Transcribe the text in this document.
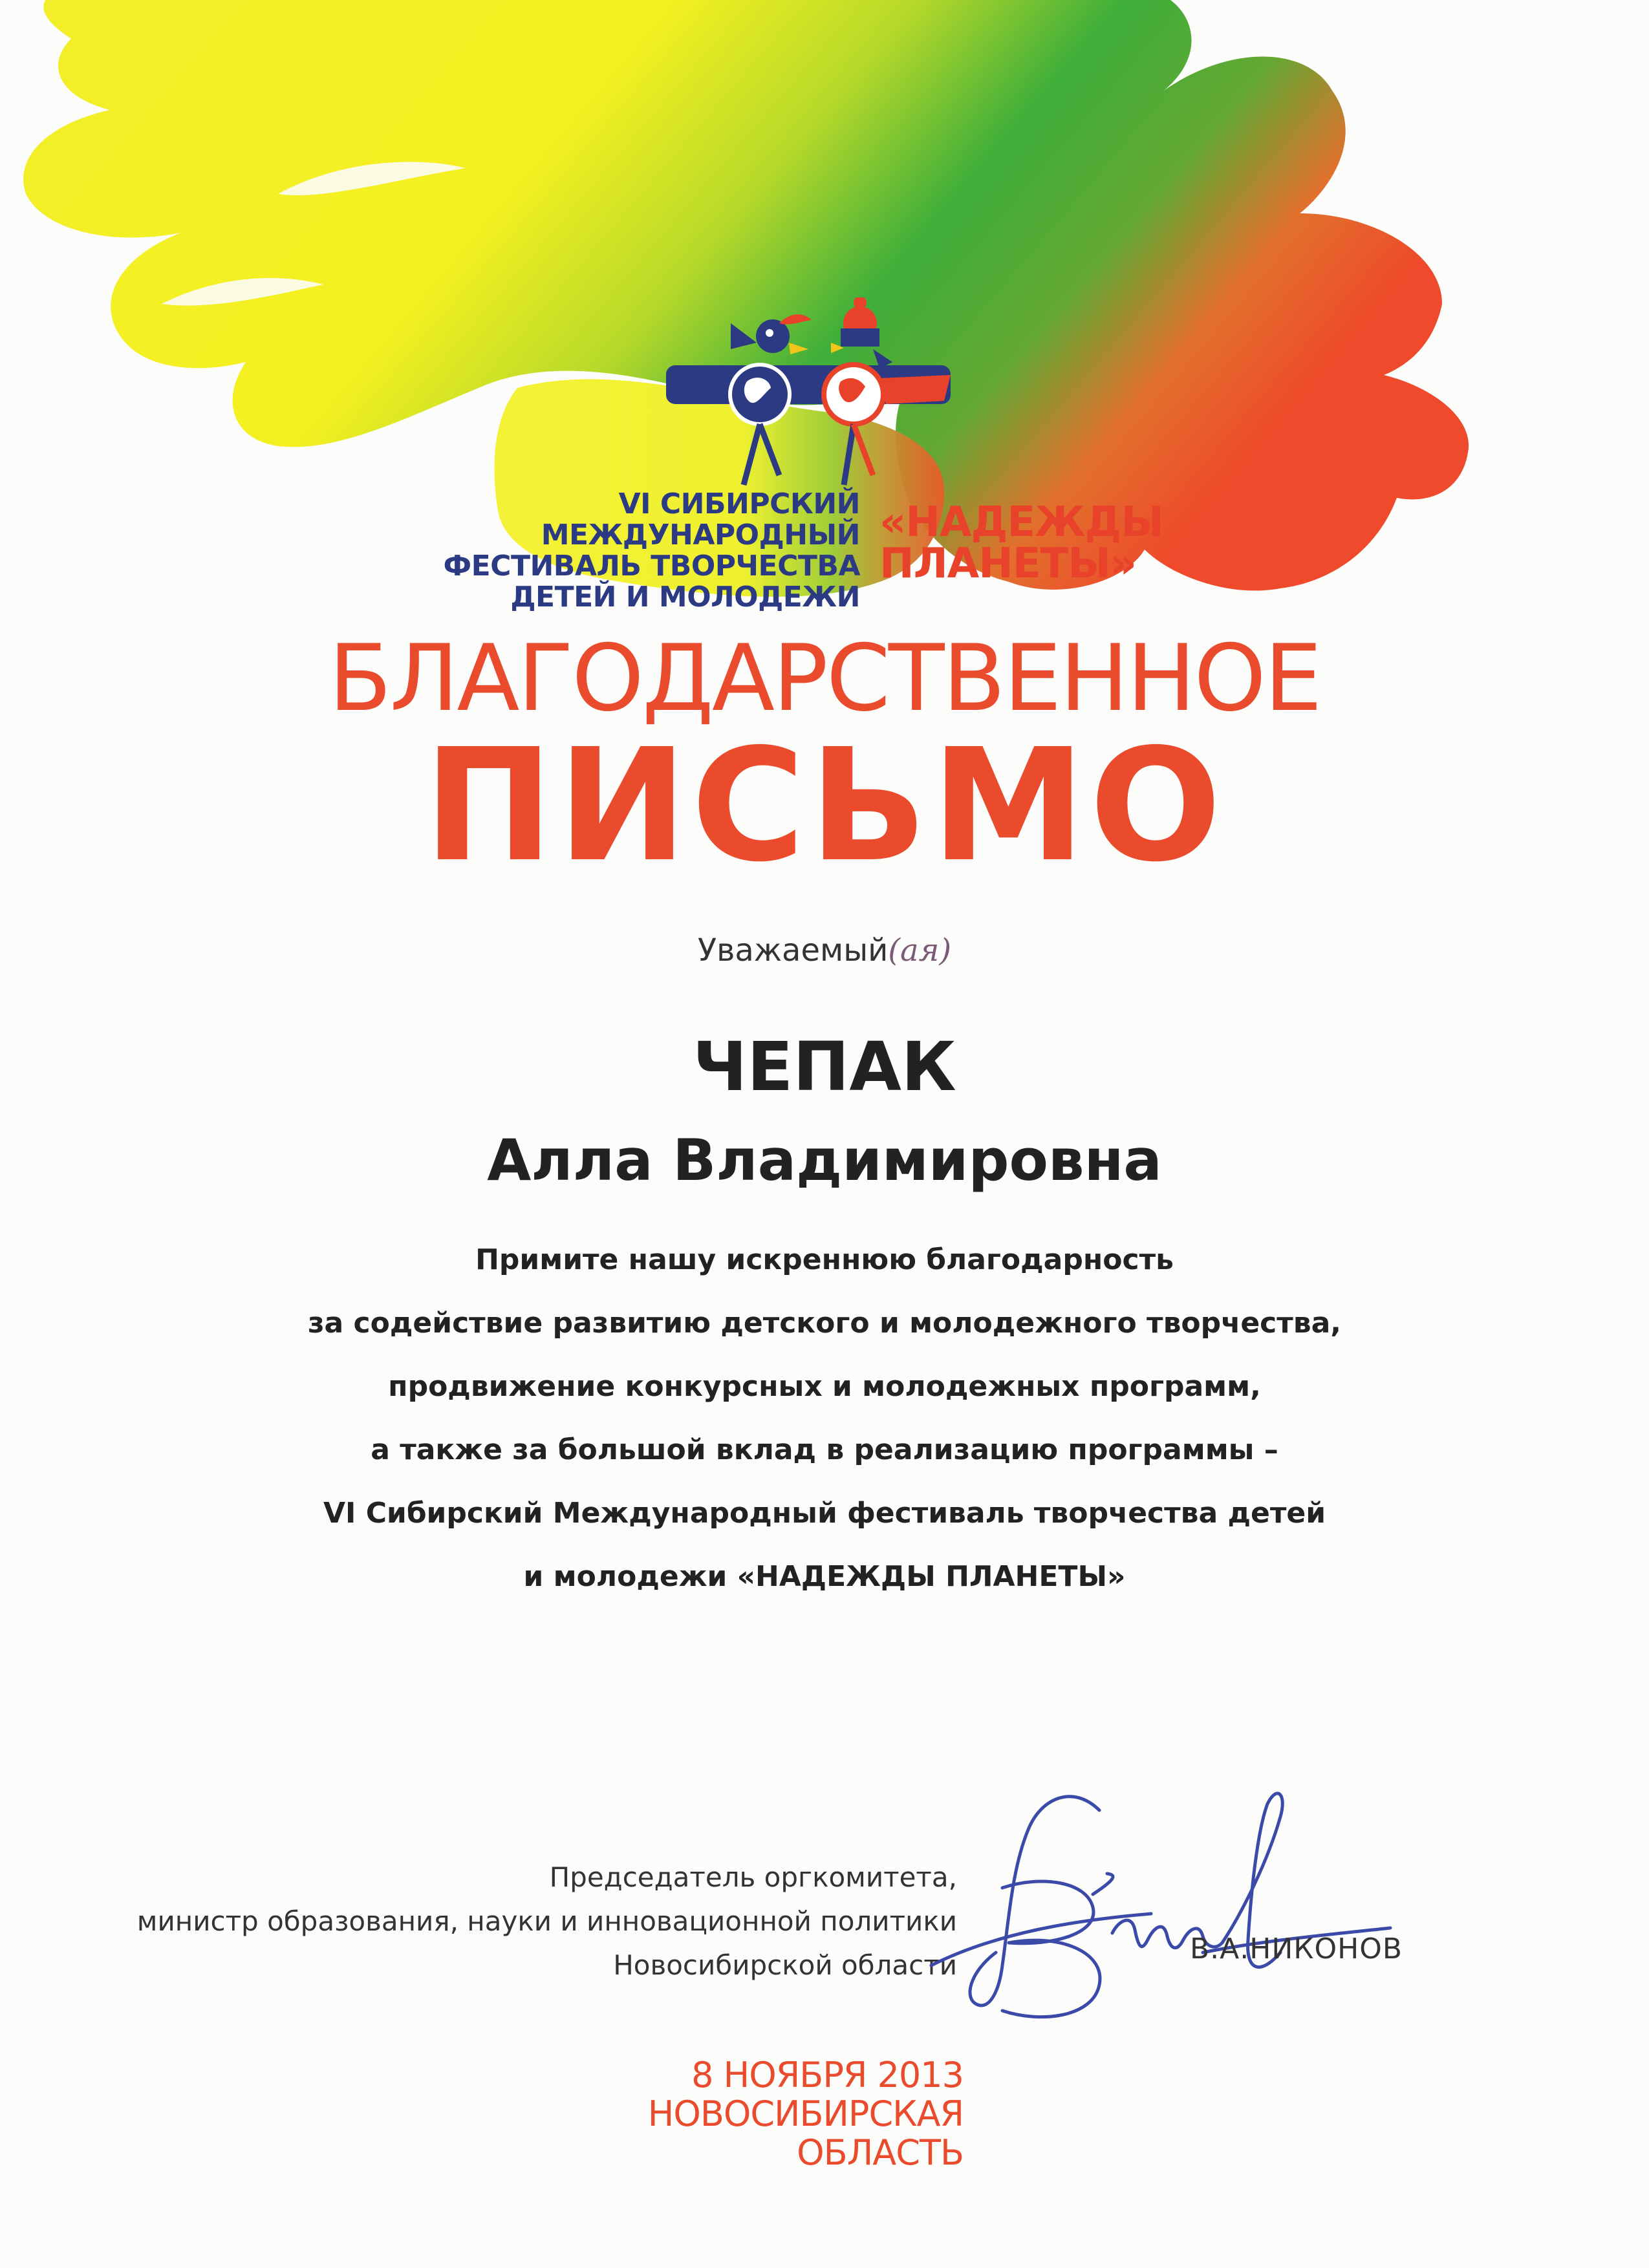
VI СИБИРСКИЙ МЕЖДУНАРОДНЫЙ
ФЕСТИВАЛЬ ТВОРЧЕСТВА
ДЕТЕЙ И МОЛОДЕЖИ
«НАДЕЖДЫ
ПЛАНЕТЫ»
БЛАГОДАРСТВЕННОЕ
ПИСЬМО
Уважаемый(ая)
ЧЕПАК
Алла Владимировна
Примите нашу искреннюю благодарность
за содействие развитию детского и молодежного творчества,
продвижение конкурсных и молодежных программ,
а также за большой вклад в реализацию программы –
VI Сибирский Международный фестиваль творчества детей
и молодежи «НАДЕЖДЫ ПЛАНЕТЫ»
Председатель оргкомитета,
министр образования, науки и инновационной политики
Новосибирской области	В.А.НИКОНОВ
8 НОЯБРЯ 2013
НОВОСИБИРСКАЯ
ОБЛАСТЬ
